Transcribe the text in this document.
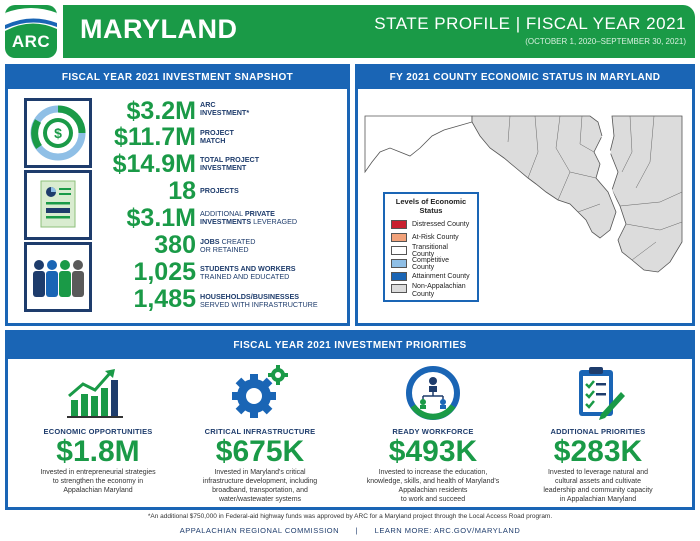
ARC MARYLAND	STATE PROFILE | FISCAL YEAR 2021
(OCTOBER 1, 2020–SEPTEMBER 30, 2021)
FISCAL YEAR 2021 INVESTMENT SNAPSHOT
$
$3.2M ARC
INVESTMENT*
$11.7M PROJECT
MATCH
$14.9M TOTAL PROJECT
INVESTMENT
18 PROJECTS
$3.1M ADDITIONAL PRIVATE
INVESTMENTS LEVERAGED
380 JOBS CREATED
OR RETAINED
1,025 STUDENTS AND WORKERS
TRAINED AND EDUCATED
1,485 HOUSEHOLDS/BUSINESSES
SERVED WITH INFRASTRUCTURE
FY 2021 COUNTY ECONOMIC STATUS IN MARYLAND
Levels of Economic Status
Distressed County
At-Risk County
Transitional County
Competitive County
Attainment County
Non-Appalachian County
FISCAL YEAR 2021 INVESTMENT PRIORITIES
ECONOMIC OPPORTUNITIES
$1.8M
Invested in entrepreneurial strategies
to strengthen the economy in
Appalachian Maryland
CRITICAL INFRASTRUCTURE
$675K
Invested in Maryland's critical
infrastructure development, including
broadband, transportation, and
water/wastewater systems
READY WORKFORCE
$493K
Invested to increase the education,
knowledge, skills, and health of Maryland's
Appalachian residents
to work and succeed
ADDITIONAL PRIORITIES
$283K
Invested to leverage natural and
cultural assets and cultivate
leadership and community capacity
in Appalachian Maryland
*An additional $750,000 in Federal-aid highway funds was approved by ARC for a Maryland project through the Local Access Road program.
APPALACHIAN REGIONAL COMMISSION | LEARN MORE: ARC.GOV/MARYLAND
